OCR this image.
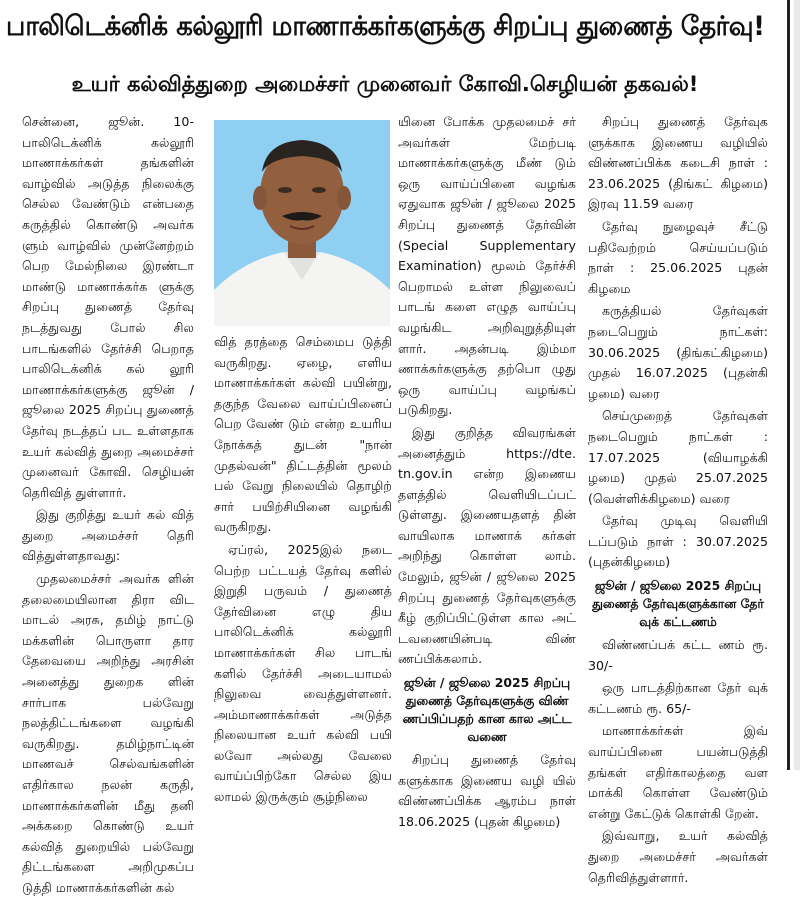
பாலிடெக்னிக் கல்லூரி மாணாக்கர்களுக்கு சிறப்பு துணைத் தேர்வு!
உயர் கல்வித்துறை அமைச்சர் முனைவர் கோவி.செழியன் தகவல்!

சென்னை, ஜூன். 10- பாலிடெக்னிக் கல்லூரி மாணாக்கர்கள் தங்களின் வாழ்வில் அடுத்த நிலைக்கு செல்ல வேண்டும் என்பதை கருத்தில் கொண்டு அவர்க ளும் வாழ்வில் முன்னேற்றம் பெற மேல்நிலை இரண்டா மாண்டு மாணாக்கர்க ளுக்கு சிறப்பு துணைத் தேர்வு நடத்துவது போல் சில பாடங்களில் தேர்ச்சி பெறாத பாலிடெக்னிக் கல் லூரி மாணாக்கர்களுக்கு ஜூன் / ஜூலை 2025 சிறப்பு துணைத் தேர்வு நடத்தப் பட உள்ளதாக உயர் கல்வித் துறை அமைச்சர் முனைவர் கோவி. செழியன் தெரிவித் துள்ளார்.

இது குறித்து உயர் கல் வித் துறை அமைச்சர் தெரி வித்துள்ளதாவது:

முதலமைச்சர் அவர்க ளின் தலைமையிலான திரா விட மாடல் அரசு, தமிழ் நாட்டு மக்களின் பொருளா தார தேவையை அறிந்து அரசின் அனைத்து துறைக ளின் சார்பாக பல்வேறு நலத்திட்டங்களை வழங்கி வருகிறது. தமிழ்நாட்டின் மாணவச் செல்வங்களின் எதிர்கால நலன் கருதி, மாணாக்கர்களின் மீது தனி அக்கறை கொண்டு உயர் கல்வித் துறையில் பல்வேறு திட்டங்களை அறிமுகப்ப டுத்தி மாணாக்கர்களின் கல்

வித் தரத்தை செம்மைப டுத்தி வருகிறது. ஏழை, எளிய மாணாக்கர்கள் கல்வி பயின்று, தகுந்த வேலை வாய்ப்பினைப் பெற வேண் டும் என்ற உயரிய நோக்கத் துடன் "நான் முதல்வன்" திட்டத்தின் மூலம் பல் வேறு நிலையில் தொழிற் சார் பயிற்சியினை வழங்கி வருகிறது.

ஏப்ரல், 2025இல் நடை பெற்ற பட்டயத் தேர்வு களில் இறுதி பருவம் / துணைத் தேர்வினை எழு திய பாலிடெக்னிக் கல்லூரி மாணாக்கர்கள் சில பாடங் களில் தேர்ச்சி அடையாமல் நிலுவை வைத்துள்ளனர். அம்மாணாக்கர்கள் அடுத்த நிலையான உயர் கல்வி பயி லவோ அல்லது வேலை வாய்ப்பிற்கோ செல்ல இய லாமல் இருக்கும் சூழ்நிலை

யினை போக்க முதலமைச் சர் அவர்கள் மேற்படி மாணாக்கர்களுக்கு மீண் டும் ஒரு வாய்ப்பினை வழங்க ஏதுவாக ஜூன் / ஜூலை 2025 சிறப்பு துணைத் தேர்வின் (Special Supplementary Examination) மூலம் தேர்ச்சி பெறாமல் உள்ள நிலுவைப் பாடங் களை எழுத வாய்ப்பு வழங்கிட அறிவுறுத்தியுள் ளார். அதன்படி இம்மா ணாக்கர்களுக்கு தற்பொ ழுது ஒரு வாய்ப்பு வழங்கப் படுகிறது.

இது குறித்த விவரங்கள் அனைத்தும் https://dte. tn.gov.in என்ற இணைய தளத்தில் வெளியிடப்பட் டுள்ளது. இணையதளத் தின் வாயிலாக மாணாக் கர்கள் அறிந்து கொள்ள லாம். மேலும், ஜூன் / ஜூலை 2025 சிறப்பு துணைத் தேர்வுகளுக்கு கீழ் குறிப்பிட்டுள்ள கால அட் டவணையின்படி விண் ணப்பிக்கலாம்.

ஜூன் / ஜூலை 2025 சிறப்பு துணைத் தேர்வுகளுக்கு விண் ணப்பிப்பதற் கான கால அட்ட வணை

சிறப்பு துணைத் தேர்வு களுக்காக இணைய வழி யில் விண்ணப்பிக்க ஆரம்ப நாள் 18.06.2025 (புதன் கிழமை)

சிறப்பு துணைத் தேர்வுக ளுக்காக இணைய வழியில் விண்ணப்பிக்க கடைசி நாள் : 23.06.2025 (திங்கட் கிழமை) இரவு 11.59 வரை

தேர்வு நுழைவுச் சீட்டு பதிவேற்றம் செய்யப்படும் நாள் : 25.06.2025 புதன் கிழமை

கருத்தியல் தேர்வுகள் நடைபெறும் நாட்கள்: 30.06.2025 (திங்கட்கிழமை) முதல் 16.07.2025 (புதன்கி ழமை) வரை

செய்முறைத் தேர்வுகள் நடைபெறும் நாட்கள் : 17.07.2025 (வியாழக்கி ழமை) முதல் 25.07.2025 (வெள்ளிக்கிழமை) வரை

தேர்வு முடிவு வெளியி டப்படும் நாள் : 30.07.2025 (புதன்கிழமை)

ஜூன் / ஜூலை 2025 சிறப்பு துணைத் தேர்வுகளுக்கான தேர் வுக் கட்டணம்

விண்ணப்பக் கட்ட ணம் ரூ. 30/-

ஒரு பாடத்திற்கான தேர் வுக் கட்டணம் ரூ. 65/-

மாணாக்கர்கள் இவ் வாய்ப்பினை பயன்படுத்தி தங்கள் எதிர்காலத்தை வள மாக்கி கொள்ள வேண்டும் என்று கேட்டுக் கொள்கி றேன்.

இவ்வாறு, உயர் கல்வித் துறை அமைச்சர் அவர்கள் தெரிவித்துள்ளார்.
